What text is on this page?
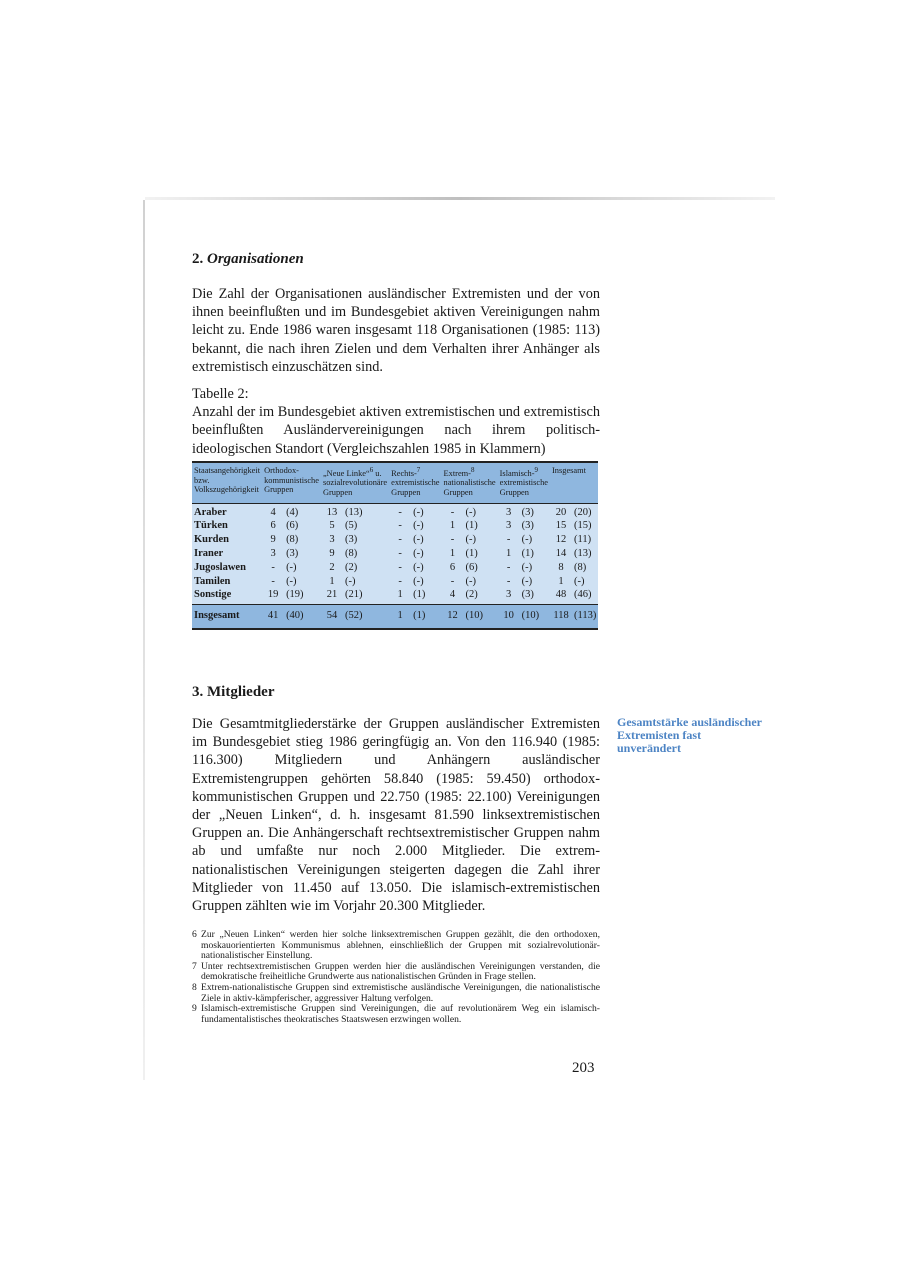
2. Organisationen
Die Zahl der Organisationen ausländischer Extremisten und der von ihnen beeinflußten und im Bundesgebiet aktiven Vereinigungen nahm leicht zu. Ende 1986 waren insgesamt 118 Organisationen (1985: 113) bekannt, die nach ihren Zielen und dem Verhalten ihrer Anhänger als extremistisch einzuschätzen sind.
Tabelle 2:
Anzahl der im Bundesgebiet aktiven extremistischen und extremistisch beeinflußten Ausländervereinigungen nach ihrem politisch-ideologischen Standort (Vergleichszahlen 1985 in Klammern)
Staatsangehörigkeit bzw. Volkszugehörigkeit	Orthodox-kommunistische Gruppen	„Neue Linke“$^6$ u. sozialrevolutionäre Gruppen	Rechts-$^7$ extremistische Gruppen	Extrem-$^8$ nationalistische Gruppen	Islamisch-$^9$ extremistische Gruppen	Insgesamt
Araber	4 (4)	13 (13)	- (-)	- (-)	3 (3)	20 (20)
Türken	6 (6)	5 (5)	- (-)	1 (1)	3 (3)	15 (15)
Kurden	9 (8)	3 (3)	- (-)	- (-)	- (-)	12 (11)
Iraner	3 (3)	9 (8)	- (-)	1 (1)	1 (1)	14 (13)
Jugoslawen	- (-)	2 (2)	- (-)	6 (6)	- (-)	8 (8)
Tamilen	- (-)	1 (-)	- (-)	- (-)	- (-)	1 (-)
Sonstige	19 (19)	21 (21)	1 (1)	4 (2)	3 (3)	48 (46)
Insgesamt	41 (40)	54 (52)	1 (1)	12 (10)	10 (10)	118 (113)
3. Mitglieder
Die Gesamtmitgliederstärke der Gruppen ausländischer Extremisten im Bundesgebiet stieg 1986 geringfügig an. Von den 116.940 (1985: 116.300) Mitgliedern und Anhängern ausländischer Extremistengruppen gehörten 58.840 (1985: 59.450) orthodox-kommunistischen Gruppen und 22.750 (1985: 22.100) Vereinigungen der „Neuen Linken“, d. h. insgesamt 81.590 linksextremistischen Gruppen an. Die Anhängerschaft rechtsextremistischer Gruppen nahm ab und umfaßte nur noch 2.000 Mitglieder. Die extrem-nationalistischen Vereinigungen steigerten dagegen die Zahl ihrer Mitglieder von 11.450 auf 13.050. Die islamisch-extremistischen Gruppen zählten wie im Vorjahr 20.300 Mitglieder.
Gesamtstärke ausländischer Extremisten fast unverändert

6 Zur „Neuen Linken“ werden hier solche linksextremischen Gruppen gezählt, die den orthodoxen, moskauorientierten Kommunismus ablehnen, einschließlich der Gruppen mit sozialrevolutionär-nationalistischer Einstellung.

7 Unter rechtsextremistischen Gruppen werden hier die ausländischen Vereinigungen verstanden, die demokratische freiheitliche Grundwerte aus nationalistischen Gründen in Frage stellen.

8 Extrem-nationalistische Gruppen sind extremistische ausländische Vereinigungen, die nationalistische Ziele in aktiv-kämpferischer, aggressiver Haltung verfolgen.

9 Islamisch-extremistische Gruppen sind Vereinigungen, die auf revolutionärem Weg ein islamisch-fundamentalistisches theokratisches Staatswesen erzwingen wollen.

203
